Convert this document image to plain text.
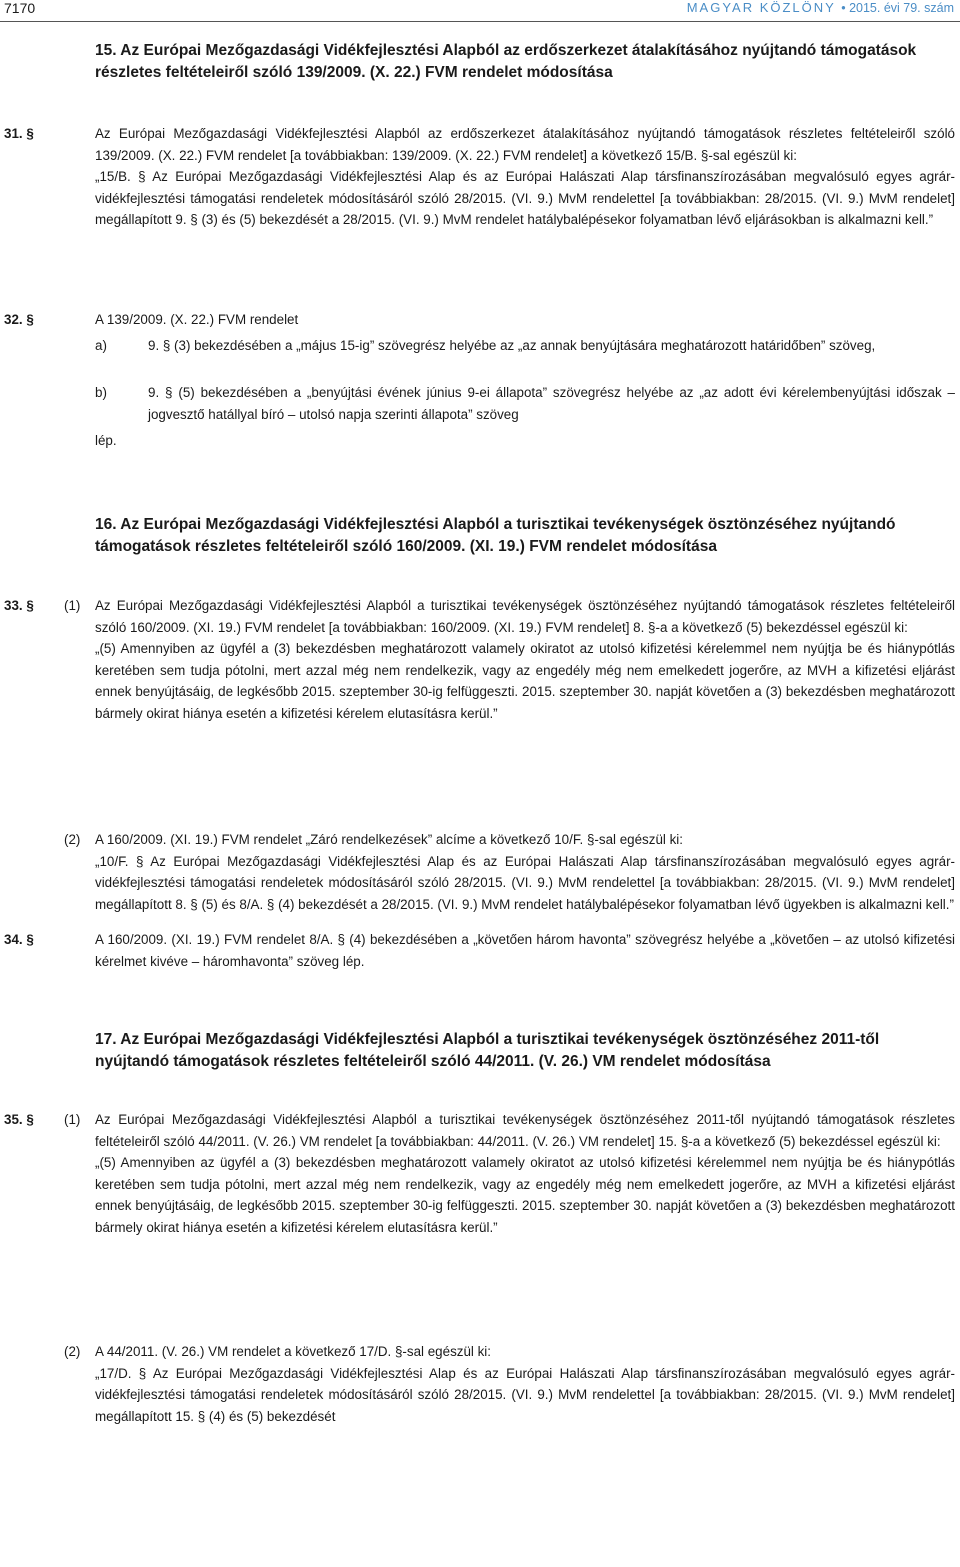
7170	MAGYAR KÖZLÖNY • 2015. évi 79. szám
15. Az Európai Mezőgazdasági Vidékfejlesztési Alapból az erdőszerkezet átalakításához nyújtandó támogatások részletes feltételeiről szóló 139/2009. (X. 22.) FVM rendelet módosítása
31. §	Az Európai Mezőgazdasági Vidékfejlesztési Alapból az erdőszerkezet átalakításához nyújtandó támogatások részletes feltételeiről szóló 139/2009. (X. 22.) FVM rendelet [a továbbiakban: 139/2009. (X. 22.) FVM rendelet] a következő 15/B. §-sal egészül ki:

„15/B. § Az Európai Mezőgazdasági Vidékfejlesztési Alap és az Európai Halászati Alap társfinanszírozásában megvalósuló egyes agrár-vidékfejlesztési támogatási rendeletek módosításáról szóló 28/2015. (VI. 9.) MvM rendelettel [a továbbiakban: 28/2015. (VI. 9.) MvM rendelet] megállapított 9. § (3) és (5) bekezdését a 28/2015. (VI. 9.) MvM rendelet hatálybalépésekor folyamatban lévő eljárásokban is alkalmazni kell.”

32. §	A 139/2009. (X. 22.) FVM rendelet
a)	9. § (3) bekezdésében a „május 15-ig” szövegrész helyébe az „az annak benyújtására meghatározott határidőben” szöveg,
b)	9. § (5) bekezdésében a „benyújtási évének június 9-ei állapota” szövegrész helyébe az „az adott évi kérelembenyújtási időszak – jogvesztő hatállyal bíró – utolsó napja szerinti állapota” szöveg
lép.
16. Az Európai Mezőgazdasági Vidékfejlesztési Alapból a turisztikai tevékenységek ösztönzéséhez nyújtandó támogatások részletes feltételeiről szóló 160/2009. (XI. 19.) FVM rendelet módosítása
33. § (1) Az Európai Mezőgazdasági Vidékfejlesztési Alapból a turisztikai tevékenységek ösztönzéséhez nyújtandó támogatások részletes feltételeiről szóló 160/2009. (XI. 19.) FVM rendelet [a továbbiakban: 160/2009. (XI. 19.) FVM rendelet] 8. §-a a következő (5) bekezdéssel egészül ki:

„(5) Amennyiben az ügyfél a (3) bekezdésben meghatározott valamely okiratot az utolsó kifizetési kérelemmel nem nyújtja be és hiánypótlás keretében sem tudja pótolni, mert azzal még nem rendelkezik, vagy az engedély még nem emelkedett jogerőre, az MVH a kifizetési eljárást ennek benyújtásáig, de legkésőbb 2015. szeptember 30-ig felfüggeszti. 2015. szeptember 30. napját követően a (3) bekezdésben meghatározott bármely okirat hiánya esetén a kifizetési kérelem elutasításra kerül.”

(2) A 160/2009. (XI. 19.) FVM rendelet „Záró rendelkezések” alcíme a következő 10/F. §-sal egészül ki:

„10/F. § Az Európai Mezőgazdasági Vidékfejlesztési Alap és az Európai Halászati Alap társfinanszírozásában megvalósuló egyes agrár-vidékfejlesztési támogatási rendeletek módosításáról szóló 28/2015. (VI. 9.) MvM rendelettel [a továbbiakban: 28/2015. (VI. 9.) MvM rendelet] megállapított 8. § (5) és 8/A. § (4) bekezdését a 28/2015. (VI. 9.) MvM rendelet hatálybalépésekor folyamatban lévő ügyekben is alkalmazni kell.”

34. §	A 160/2009. (XI. 19.) FVM rendelet 8/A. § (4) bekezdésében a „követően három havonta” szövegrész helyébe a „követően – az utolsó kifizetési kérelmet kivéve – háromhavonta” szöveg lép.
17. Az Európai Mezőgazdasági Vidékfejlesztési Alapból a turisztikai tevékenységek ösztönzéséhez 2011-től nyújtandó támogatások részletes feltételeiről szóló 44/2011. (V. 26.) VM rendelet módosítása
35. § (1) Az Európai Mezőgazdasági Vidékfejlesztési Alapból a turisztikai tevékenységek ösztönzéséhez 2011-től nyújtandó támogatások részletes feltételeiről szóló 44/2011. (V. 26.) VM rendelet [a továbbiakban: 44/2011. (V. 26.) VM rendelet] 15. §-a a következő (5) bekezdéssel egészül ki:

„(5) Amennyiben az ügyfél a (3) bekezdésben meghatározott valamely okiratot az utolsó kifizetési kérelemmel nem nyújtja be és hiánypótlás keretében sem tudja pótolni, mert azzal még nem rendelkezik, vagy az engedély még nem emelkedett jogerőre, az MVH a kifizetési eljárást ennek benyújtásáig, de legkésőbb 2015. szeptember 30-ig felfüggeszti. 2015. szeptember 30. napját követően a (3) bekezdésben meghatározott bármely okirat hiánya esetén a kifizetési kérelem elutasításra kerül.”

(2) A 44/2011. (V. 26.) VM rendelet a következő 17/D. §-sal egészül ki:

„17/D. § Az Európai Mezőgazdasági Vidékfejlesztési Alap és az Európai Halászati Alap társfinanszírozásában megvalósuló egyes agrár-vidékfejlesztési támogatási rendeletek módosításáról szóló 28/2015. (VI. 9.) MvM rendelettel [a továbbiakban: 28/2015. (VI. 9.) MvM rendelet] megállapított 15. § (4) és (5) bekezdését
